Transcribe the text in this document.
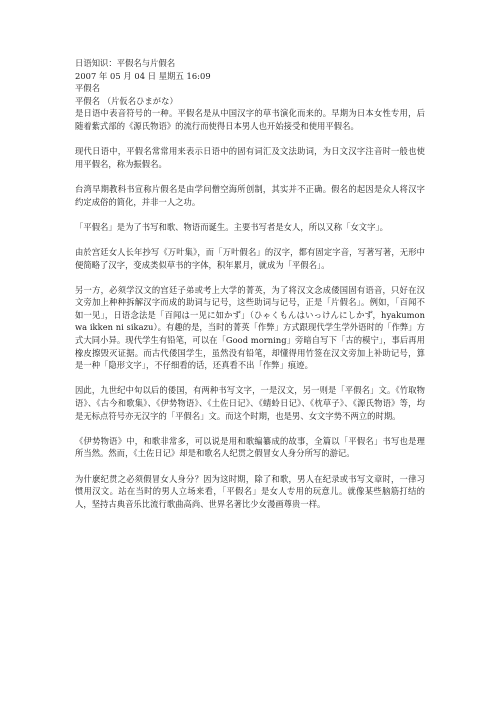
日语知识：平假名与片假名
2007 年 05 月 04 日 星期五 16:09
平假名
平假名 （片仮名ひまがな）
是日语中表音符号的一种。平假名是从中国汉字的草书演化而来的。早期为日本女性专用，后随着紫式部的《源氏物语》的流行而使得日本男人也开始接受和使用平假名。
现代日语中，平假名常常用来表示日语中的固有词汇及文法助词，为日文汉字注音时一般也使用平假名，称为振假名。
台湾早期教科书宣称片假名是由学问僧空海所创制，其实并不正确。假名的起因是众人将汉字约定成俗的简化，并非一人之功。
「平假名」是为了书写和歌、物语而诞生。主要书写者是女人，所以又称「女文字」。
由於宫廷女人长年抄写《万叶集》，而「万叶假名」的汉字，都有固定字音，写著写著，无形中便简略了汉字，变成类似草书的字体，积年累月，就成为「平假名」。
另一方，必须学汉文的宫廷子弟或考上大学的菁英，为了将汉文念成倭国固有语音，只好在汉文旁加上种种拆解汉字而成的助词与记号，这些助词与记号，正是「片假名」。例如，「百闻不如一见」，日语念法是「百闻は一见に如かず」（ひゃくもんはいっけんにしかず，hyakumon wa ikken ni sikazu）。有趣的是，当时的菁英「作弊」方式跟现代学生学外语时的「作弊」方式大同小异。现代学生有铅笔，可以在「Good morning」旁暗自写下「古的模宁」，事后再用橡皮擦毁灭证据。而古代倭国学生，虽然没有铅笔，却懂得用竹签在汉文旁加上补助记号，算是一种「隐形文字」，不仔细看的话，还真看不出「作弊」痕迹。
因此，九世纪中旬以后的倭国，有两种书写文字，一是汉文，另一则是「平假名」文。《竹取物语》、《古今和歌集》、《伊势物语》、《土佐日记》、《蜻蛉日记》、《枕草子》、《源氏物语》等，均是无标点符号亦无汉字的「平假名」文。而这个时期，也是男、女文字势不两立的时期。
《伊势物语》中，和歌非常多，可以说是用和歌编纂成的故事，全篇以「平假名」书写也是理所当然。然而，《土佐日记》却是和歌名人纪贯之假冒女人身分所写的游记。
为什麽纪贯之必须假冒女人身分？因为这时期，除了和歌，男人在纪录或书写文章时，一律习惯用汉文。站在当时的男人立场来看，「平假名」是女人专用的玩意儿。就像某些脑筋打结的人，坚持古典音乐比流行歌曲高尚、世界名著比少女漫画尊贵一样。
